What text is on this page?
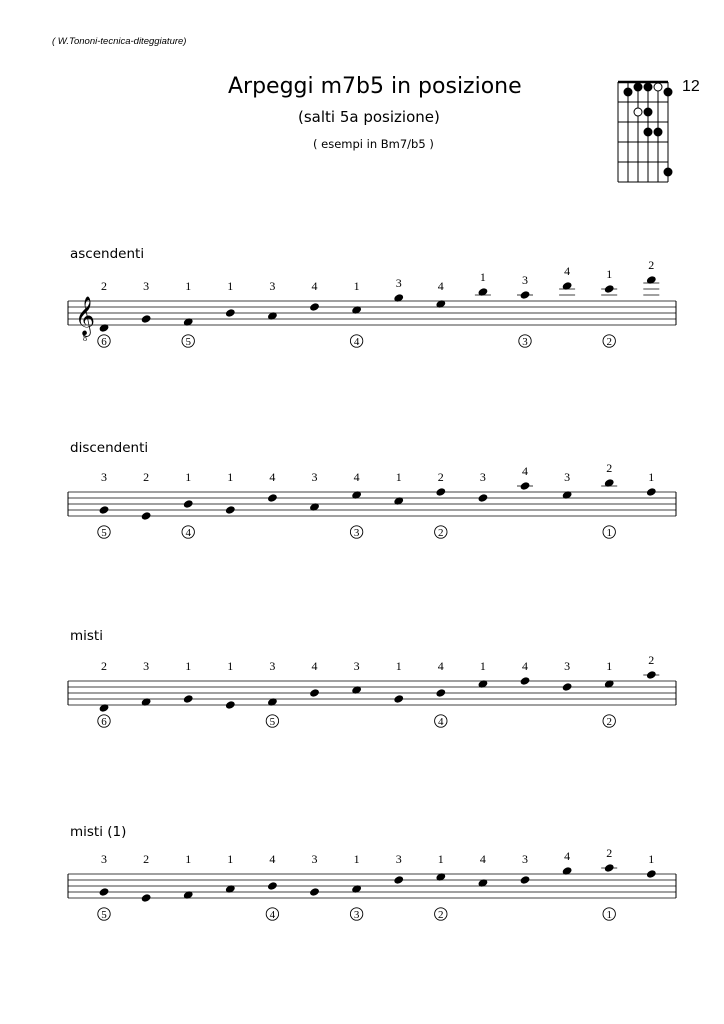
( W.Tononi-tecnica-diteggiature)
Arpeggi m7b5 in posizione
(salti 5a posizione)
( esempi in Bm7/b5 )
12
ascendenti
discendenti
misti
misti (1)
𝄞
8
2	3	1	1	3	4	1	3	4
1	3
4	1
2
6	5	4	3	2
3	2	1	1	4	3	4	1	2	3	4	3
2
1
5	4	3	2	1
2	3	1	1	3	4	3	1	4	1	4	3	1	2
6	5	4	2
3	2	1	1	4	3	1	3	1	4	3	4	2	1
5	4	3	2	1
